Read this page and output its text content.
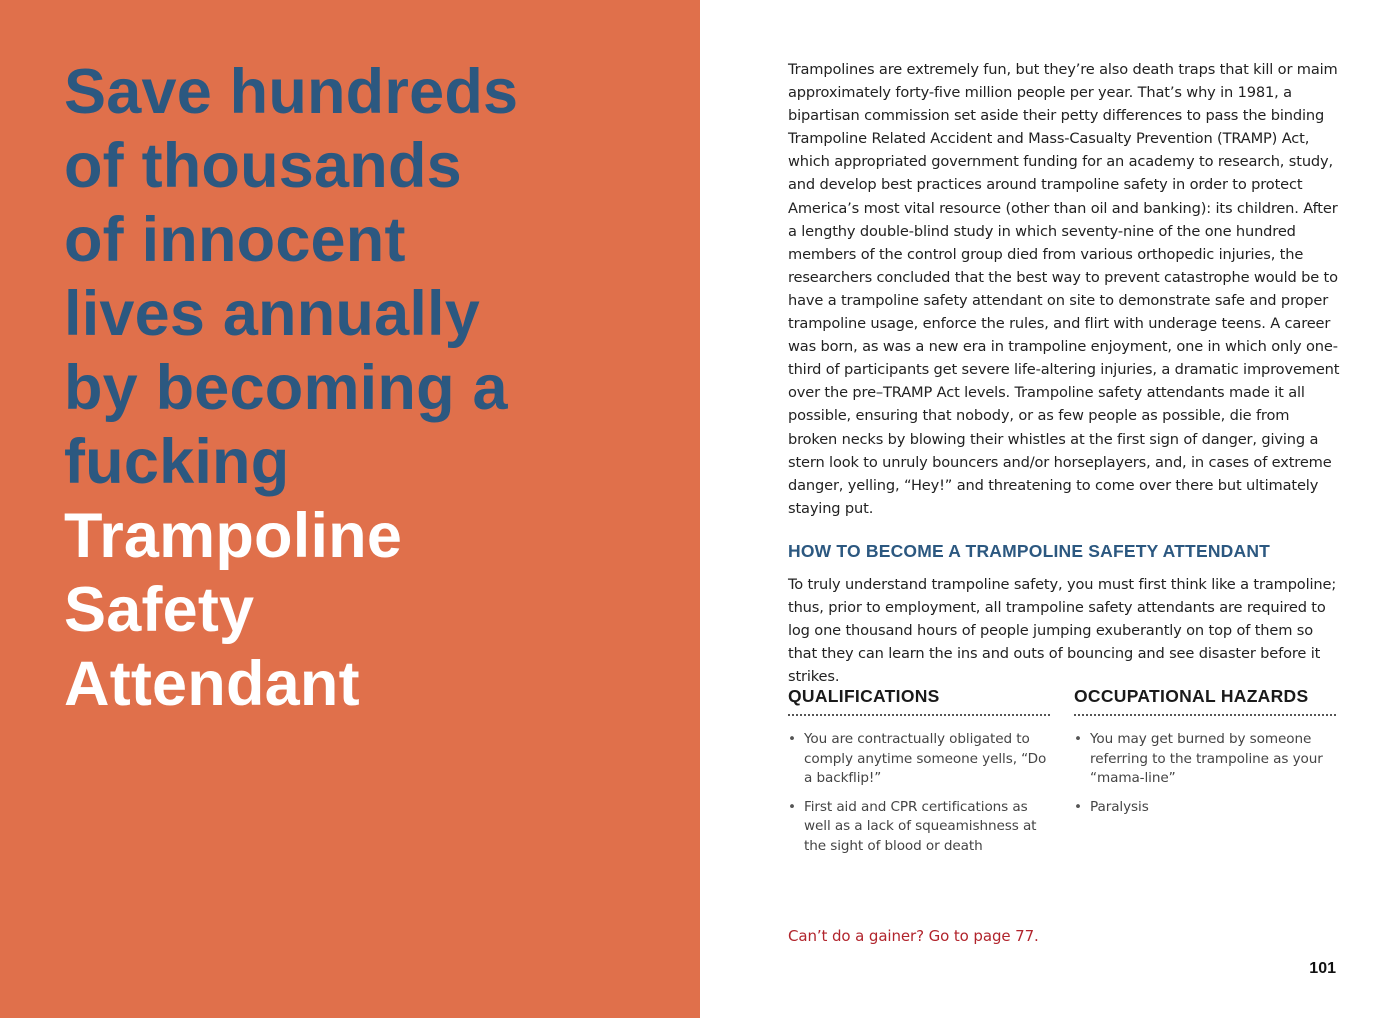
Save hundreds
of thousands
of innocent
lives annually
by becoming a
fucking
Trampoline
Safety
Attendant

Trampolines are extremely fun, but they’re also death traps that kill or maim approximately forty-five million people per year. That’s why in 1981, a bipartisan commission set aside their petty differences to pass the binding Trampoline Related Accident and Mass-Casualty Prevention (TRAMP) Act, which appropriated government funding for an academy to research, study, and develop best practices around trampoline safety in order to protect America’s most vital resource (other than oil and banking): its children. After a lengthy double-blind study in which seventy-nine of the one hundred members of the control group died from various orthopedic injuries, the researchers concluded that the best way to prevent catastrophe would be to have a trampoline safety attendant on site to demonstrate safe and proper trampoline usage, enforce the rules, and flirt with underage teens. A career was born, as was a new era in trampoline enjoyment, one in which only one-third of participants get severe life-altering injuries, a dramatic improvement over the pre–TRAMP Act levels. Trampoline safety attendants made it all possible, ensuring that nobody, or as few people as possible, die from broken necks by blowing their whistles at the first sign of danger, giving a stern look to unruly bouncers and/or horseplayers, and, in cases of extreme danger, yelling, “Hey!” and threatening to come over there but ultimately staying put.

HOW TO BECOME A TRAMPOLINE SAFETY ATTENDANT

To truly understand trampoline safety, you must first think like a trampoline; thus, prior to employment, all trampoline safety attendants are required to log one thousand hours of people jumping exuberantly on top of them so that they can learn the ins and outs of bouncing and see disaster before it strikes.

QUALIFICATIONS
• You are contractually obligated to comply anytime someone yells, “Do a backflip!”
• First aid and CPR certifications as well as a lack of squeamishness at the sight of blood or death
OCCUPATIONAL HAZARDS
• You may get burned by someone referring to the trampoline as your “mama-line”
• Paralysis
Can’t do a gainer? Go to page 77.
101
